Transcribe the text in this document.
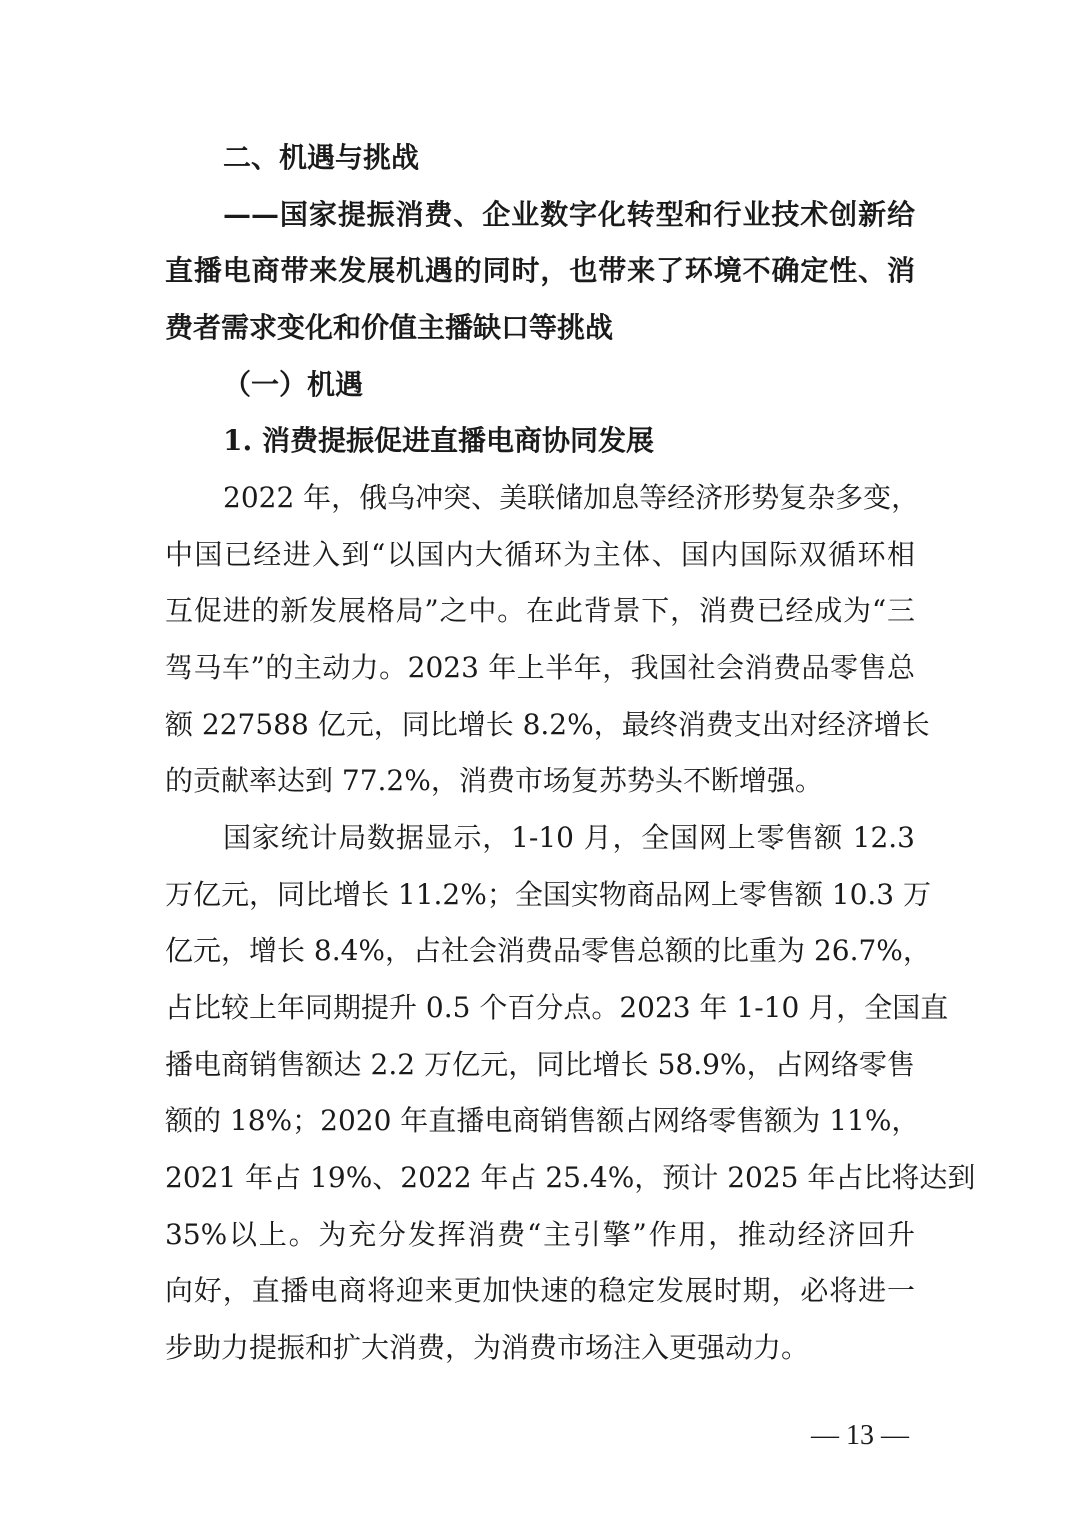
二、机遇与挑战
——国家提振消费、企业数字化转型和行业技术创新给
直播电商带来发展机遇的同时，也带来了环境不确定性、消
费者需求变化和价值主播缺口等挑战
（一）机遇
1. 消费提振促进直播电商协同发展
2022 年，俄乌冲突、美联储加息等经济形势复杂多变，
中国已经进入到“以国内大循环为主体、国内国际双循环相
互促进的新发展格局”之中。在此背景下，消费已经成为“三
驾马车”的主动力。2023 年上半年，我国社会消费品零售总
额 227588 亿元，同比增长 8.2%，最终消费支出对经济增长
的贡献率达到 77.2%，消费市场复苏势头不断增强。
国家统计局数据显示，1-10 月，全国网上零售额 12.3
万亿元，同比增长 11.2%；全国实物商品网上零售额 10.3 万
亿元，增长 8.4%，占社会消费品零售总额的比重为 26.7%，
占比较上年同期提升 0.5 个百分点。2023 年 1-10 月，全国直
播电商销售额达 2.2 万亿元，同比增长 58.9%，占网络零售
额的 18%；2020 年直播电商销售额占网络零售额为 11%，
2021 年占 19%、2022 年占 25.4%，预计 2025 年占比将达到
35%以上。为充分发挥消费“主引擎”作用，推动经济回升
向好，直播电商将迎来更加快速的稳定发展时期，必将进一
步助力提振和扩大消费，为消费市场注入更强动力。
— 13 —
